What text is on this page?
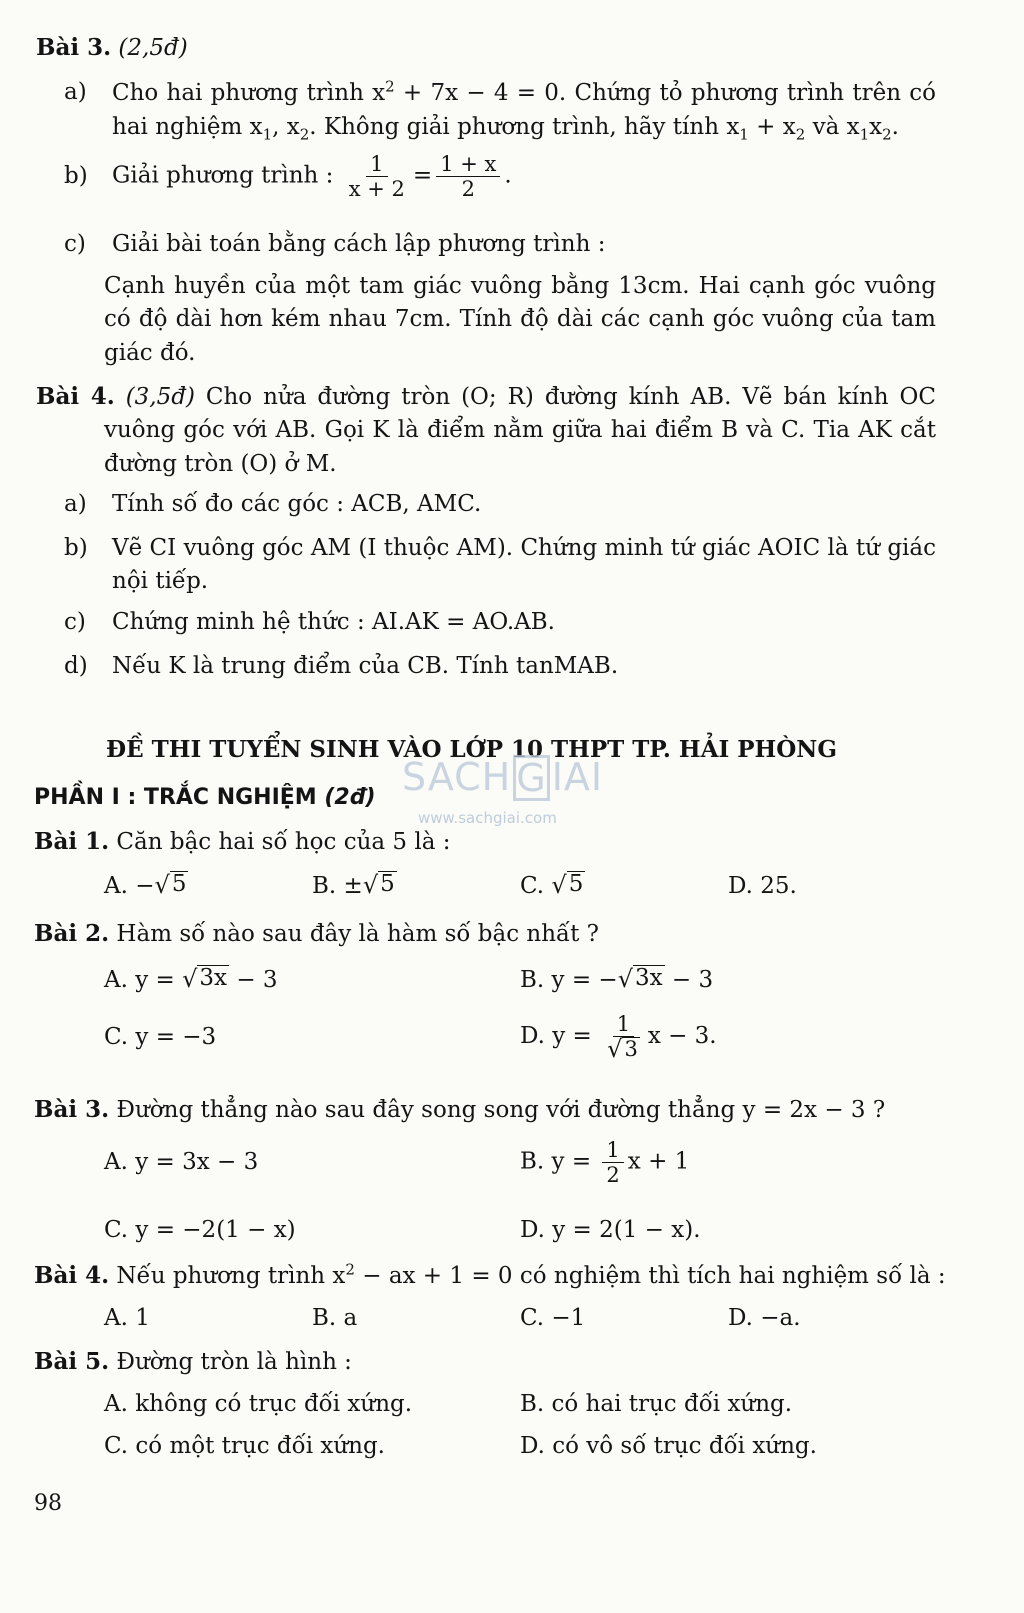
Bài 3. (2,5đ)
a)	Cho hai phương trình $x^2 + 7x - 4 = 0$. Chứng tỏ phương trình trên có hai nghiệm $x_1$, $x_2$. Không giải phương trình, hãy tính $x_1 + x_2$ và $x_1x_2$.
b)	Giải phương trình : $\frac{1}{x + 2} = \frac{1 + x}{2}$ .
c)	Giải bài toán bằng cách lập phương trình :
Cạnh huyền của một tam giác vuông bằng 13cm. Hai cạnh góc vuông có độ dài hơn kém nhau 7cm. Tính độ dài các cạnh góc vuông của tam giác đó.
Bài 4. (3,5đ) Cho nửa đường tròn (O; R) đường kính AB. Vẽ bán kính OC vuông góc với AB. Gọi K là điểm nằm giữa hai điểm B và C. Tia AK cắt đường tròn (O) ở M.
a)	Tính số đo các góc : ACB, AMC.
b)	Vẽ CI vuông góc AM (I thuộc AM). Chứng minh tứ giác AOIC là tứ giác nội tiếp.
c)	Chứng minh hệ thức : AI.AK = AO.AB.
d)	Nếu K là trung điểm của CB. Tính tanMAB.
ĐỀ THI TUYỂN SINH VÀO LỚP 10 THPT TP. HẢI PHÒNG
SACH G IAI
www.sachgiai.com
PHẦN I : TRẮC NGHIỆM (2đ)
Bài 1. Căn bậc hai số học của 5 là :
A. − √ 5	B. ± √ 5	C. √ 5	D. 25.
Bài 2. Hàm số nào sau đây là hàm số bậc nhất ?
A. y = √ 3x − 3	B. y = − √ 3x − 3
C. y = −3	D. $y = \frac{1}{√ 3}$ x − 3.
Bài 3. Đường thẳng nào sau đây song song với đường thẳng y = 2x − 3 ?
A. y = 3x − 3	B. $y = \frac{1}{2}$ x + 1
C. y = −2(1 − x)	D. y = 2(1 − x).
Bài 4. Nếu phương trình $x^2$ − ax + 1 = 0 có nghiệm thì tích hai nghiệm số là :
A. 1	B. a	C. −1	D. −a.
Bài 5. Đường tròn là hình :
A. không có trục đối xứng.	B. có hai trục đối xứng.
C. có một trục đối xứng.	D. có vô số trục đối xứng.
98
